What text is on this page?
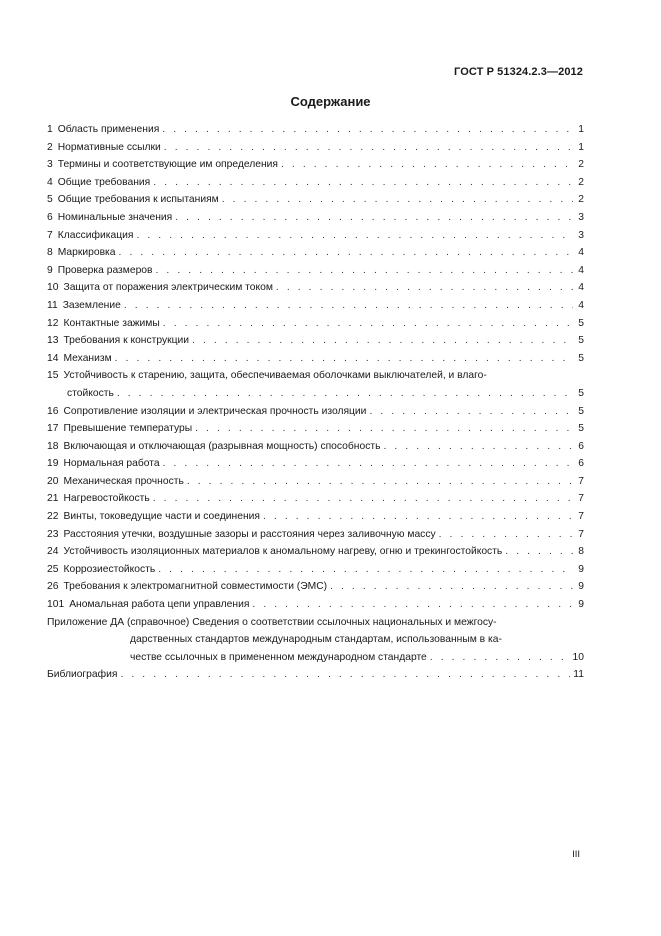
ГОСТ Р 51324.2.3—2012
Содержание
1 Область применения . . .	1
2 Нормативные ссылки . . .	1
3 Термины и соответствующие им определения . . .	2
4 Общие требования . . .	2
5 Общие требования к испытаниям . . .	2
6 Номинальные значения . . .	3
7 Классификация . . .	3
8 Маркировка . . .	4
9 Проверка размеров . . .	4
10 Защита от поражения электрическим током . . .	4
11 Заземление . . .	4
12 Контактные зажимы . . .	5
13 Требования к конструкции . . .	5
14 Механизм . . .	5
15 Устойчивость к старению, защита, обеспечиваемая оболочками выключателей, и влаго-
стойкость . . .	5
16 Сопротивление изоляции и электрическая прочность изоляции . . .	5
17 Превышение температуры . . .	5
18 Включающая и отключающая (разрывная мощность) способность . . .	6
19 Нормальная работа . . .	6
20 Механическая прочность . . .	7
21 Нагревостойкость . . .	7
22 Винты, токоведущие части и соединения . . .	7
23 Расстояния утечки, воздушные зазоры и расстояния через заливочную массу . . .	7
24 Устойчивость изоляционных материалов к аномальному нагреву, огню и трекингостойкость . . .	8
25 Коррозиестойкость . . .	9
26 Требования к электромагнитной совместимости (ЭМС) . . .	9
101 Аномальная работа цепи управления . . .	9
Приложение ДА (справочное) Сведения о соответствии ссылочных национальных и межгосу-
дарственных стандартов международным стандартам, использованным в ка-
честве ссылочных в примененном международном стандарте . . .	10
Библиография . . .	11
III
